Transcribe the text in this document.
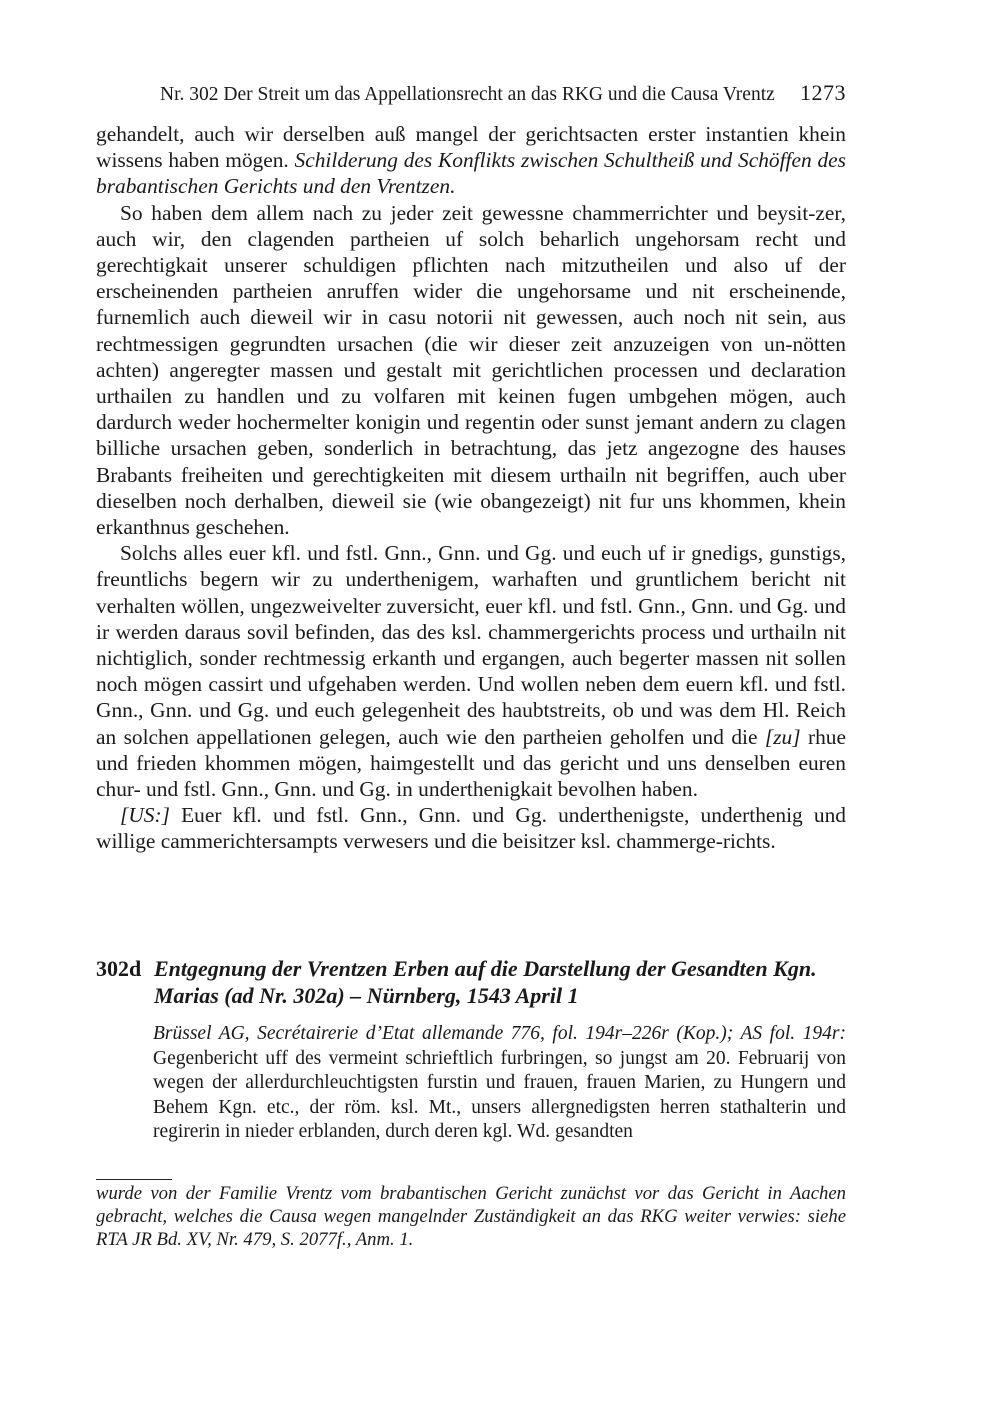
Nr. 302 Der Streit um das Appellationsrecht an das RKG und die Causa Vrentz 1273

gehandelt, auch wir derselben auß mangel der gerichtsacten erster instantien khein wissens haben mögen. Schilderung des Konflikts zwischen Schultheiß und Schöffen des brabantischen Gerichts und den Vrentzen.

So haben dem allem nach zu jeder zeit gewessne chammerrichter und beysit-zer, auch wir, den clagenden partheien uf solch beharlich ungehorsam recht und gerechtigkait unserer schuldigen pflichten nach mitzutheilen und also uf der erscheinenden partheien anruffen wider die ungehorsame und nit erscheinende, furnemlich auch dieweil wir in casu notorii nit gewessen, auch noch nit sein, aus rechtmessigen gegrundten ursachen (die wir dieser zeit anzuzeigen von un-nötten achten) angeregter massen und gestalt mit gerichtlichen processen und declaration urthailen zu handlen und zu volfaren mit keinen fugen umbgehen mögen, auch dardurch weder hochermelter konigin und regentin oder sunst jemant andern zu clagen billiche ursachen geben, sonderlich in betrachtung, das jetz angezogne des hauses Brabants freiheiten und gerechtigkeiten mit diesem urthailn nit begriffen, auch uber dieselben noch derhalben, dieweil sie (wie obangezeigt) nit fur uns khommen, khein erkanthnus geschehen.

Solchs alles euer kfl. und fstl. Gnn., Gnn. und Gg. und euch uf ir gnedigs, gunstigs, freuntlichs begern wir zu underthenigem, warhaften und gruntlichem bericht nit verhalten wöllen, ungezweivelter zuversicht, euer kfl. und fstl. Gnn., Gnn. und Gg. und ir werden daraus sovil befinden, das des ksl. chammergerichts process und urthailn nit nichtiglich, sonder rechtmessig erkanth und ergangen, auch begerter massen nit sollen noch mögen cassirt und ufgehaben werden. Und wollen neben dem euern kfl. und fstl. Gnn., Gnn. und Gg. und euch gelegenheit des haubtstreits, ob und was dem Hl. Reich an solchen appellationen gelegen, auch wie den partheien geholfen und die [zu] rhue und frieden khommen mögen, haimgestellt und das gericht und uns denselben euren chur- und fstl. Gnn., Gnn. und Gg. in underthenigkait bevolhen haben.

[US:] Euer kfl. und fstl. Gnn., Gnn. und Gg. underthenigste, underthenig und willige cammerichtersampts verwesers und die beisitzer ksl. chammerge-richts.

302d Entgegnung der Vrentzen Erben auf die Darstellung der Gesandten Kgn. Marias (ad Nr. 302a) – Nürnberg, 1543 April 1

Brüssel AG, Secrétairerie d’Etat allemande 776, fol. 194r–226r (Kop.); AS fol. 194r: Gegenbericht uff des vermeint schrieftlich furbringen, so jungst am 20. Februarij von wegen der allerdurchleuchtigsten furstin und frauen, frauen Marien, zu Hungern und Behem Kgn. etc., der röm. ksl. Mt., unsers allergnedigsten herren stathalterin und regirerin in nieder erblanden, durch deren kgl. Wd. gesandten

wurde von der Familie Vrentz vom brabantischen Gericht zunächst vor das Gericht in Aachen gebracht, welches die Causa wegen mangelnder Zuständigkeit an das RKG weiter verwies: siehe RTA JR Bd. XV, Nr. 479, S. 2077f., Anm. 1.
